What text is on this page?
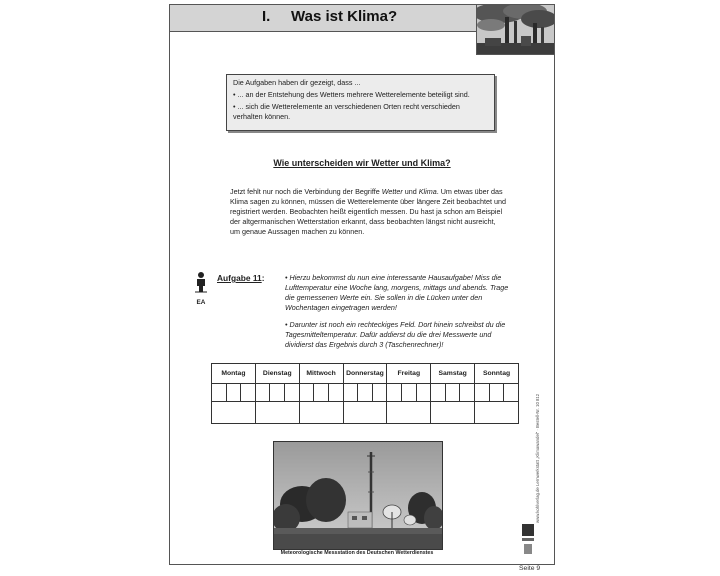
I. Was ist Klima?

Die Aufgaben haben dir gezeigt, dass ...

• ... an der Entstehung des Wetters mehrere Wetterelemente beteiligt sind.

• ... sich die Wetterelemente an verschiedenen Orten recht verschieden verhalten können.

Wie unterscheiden wir Wetter und Klima?
Jetzt fehlt nur noch die Verbindung der Begriffe Wetter und Klima. Um etwas über das Klima sagen zu können, müssen die Wetterelemente über längere Zeit beobachtet und registriert werden. Beobachten heißt eigentlich messen. Du hast ja schon am Beispiel der altgermanischen Wetterstation erkannt, dass beobachten längst nicht ausreicht, um genaue Aussagen machen zu können.
EA
Aufgabe 11:	• Hierzu bekommst du nun eine interessante Hausaufgabe! Miss die Lufttemperatur eine Woche lang, morgens, mittags und abends. Trage die gemessenen Werte ein. Sie sollen in die Lücken unter den Wochentagen eingetragen werden!

• Darunter ist noch ein rechteckiges Feld. Dort hinein schreibst du die Tagesmitteltemperatur. Dafür addierst du die drei Messwerte und dividierst das Ergebnis durch 3 (Taschenrechner)!

Montag	Dienstag	Mittwoch	Donnerstag	Freitag	Samstag	Sonntag

www.kohlverlag.de Lernwerkstatt „Klimawandel“ · Bestell-Nr. 10 812
Meteorologische Messstation des Deutschen Wetterdienstes
Seite 9
